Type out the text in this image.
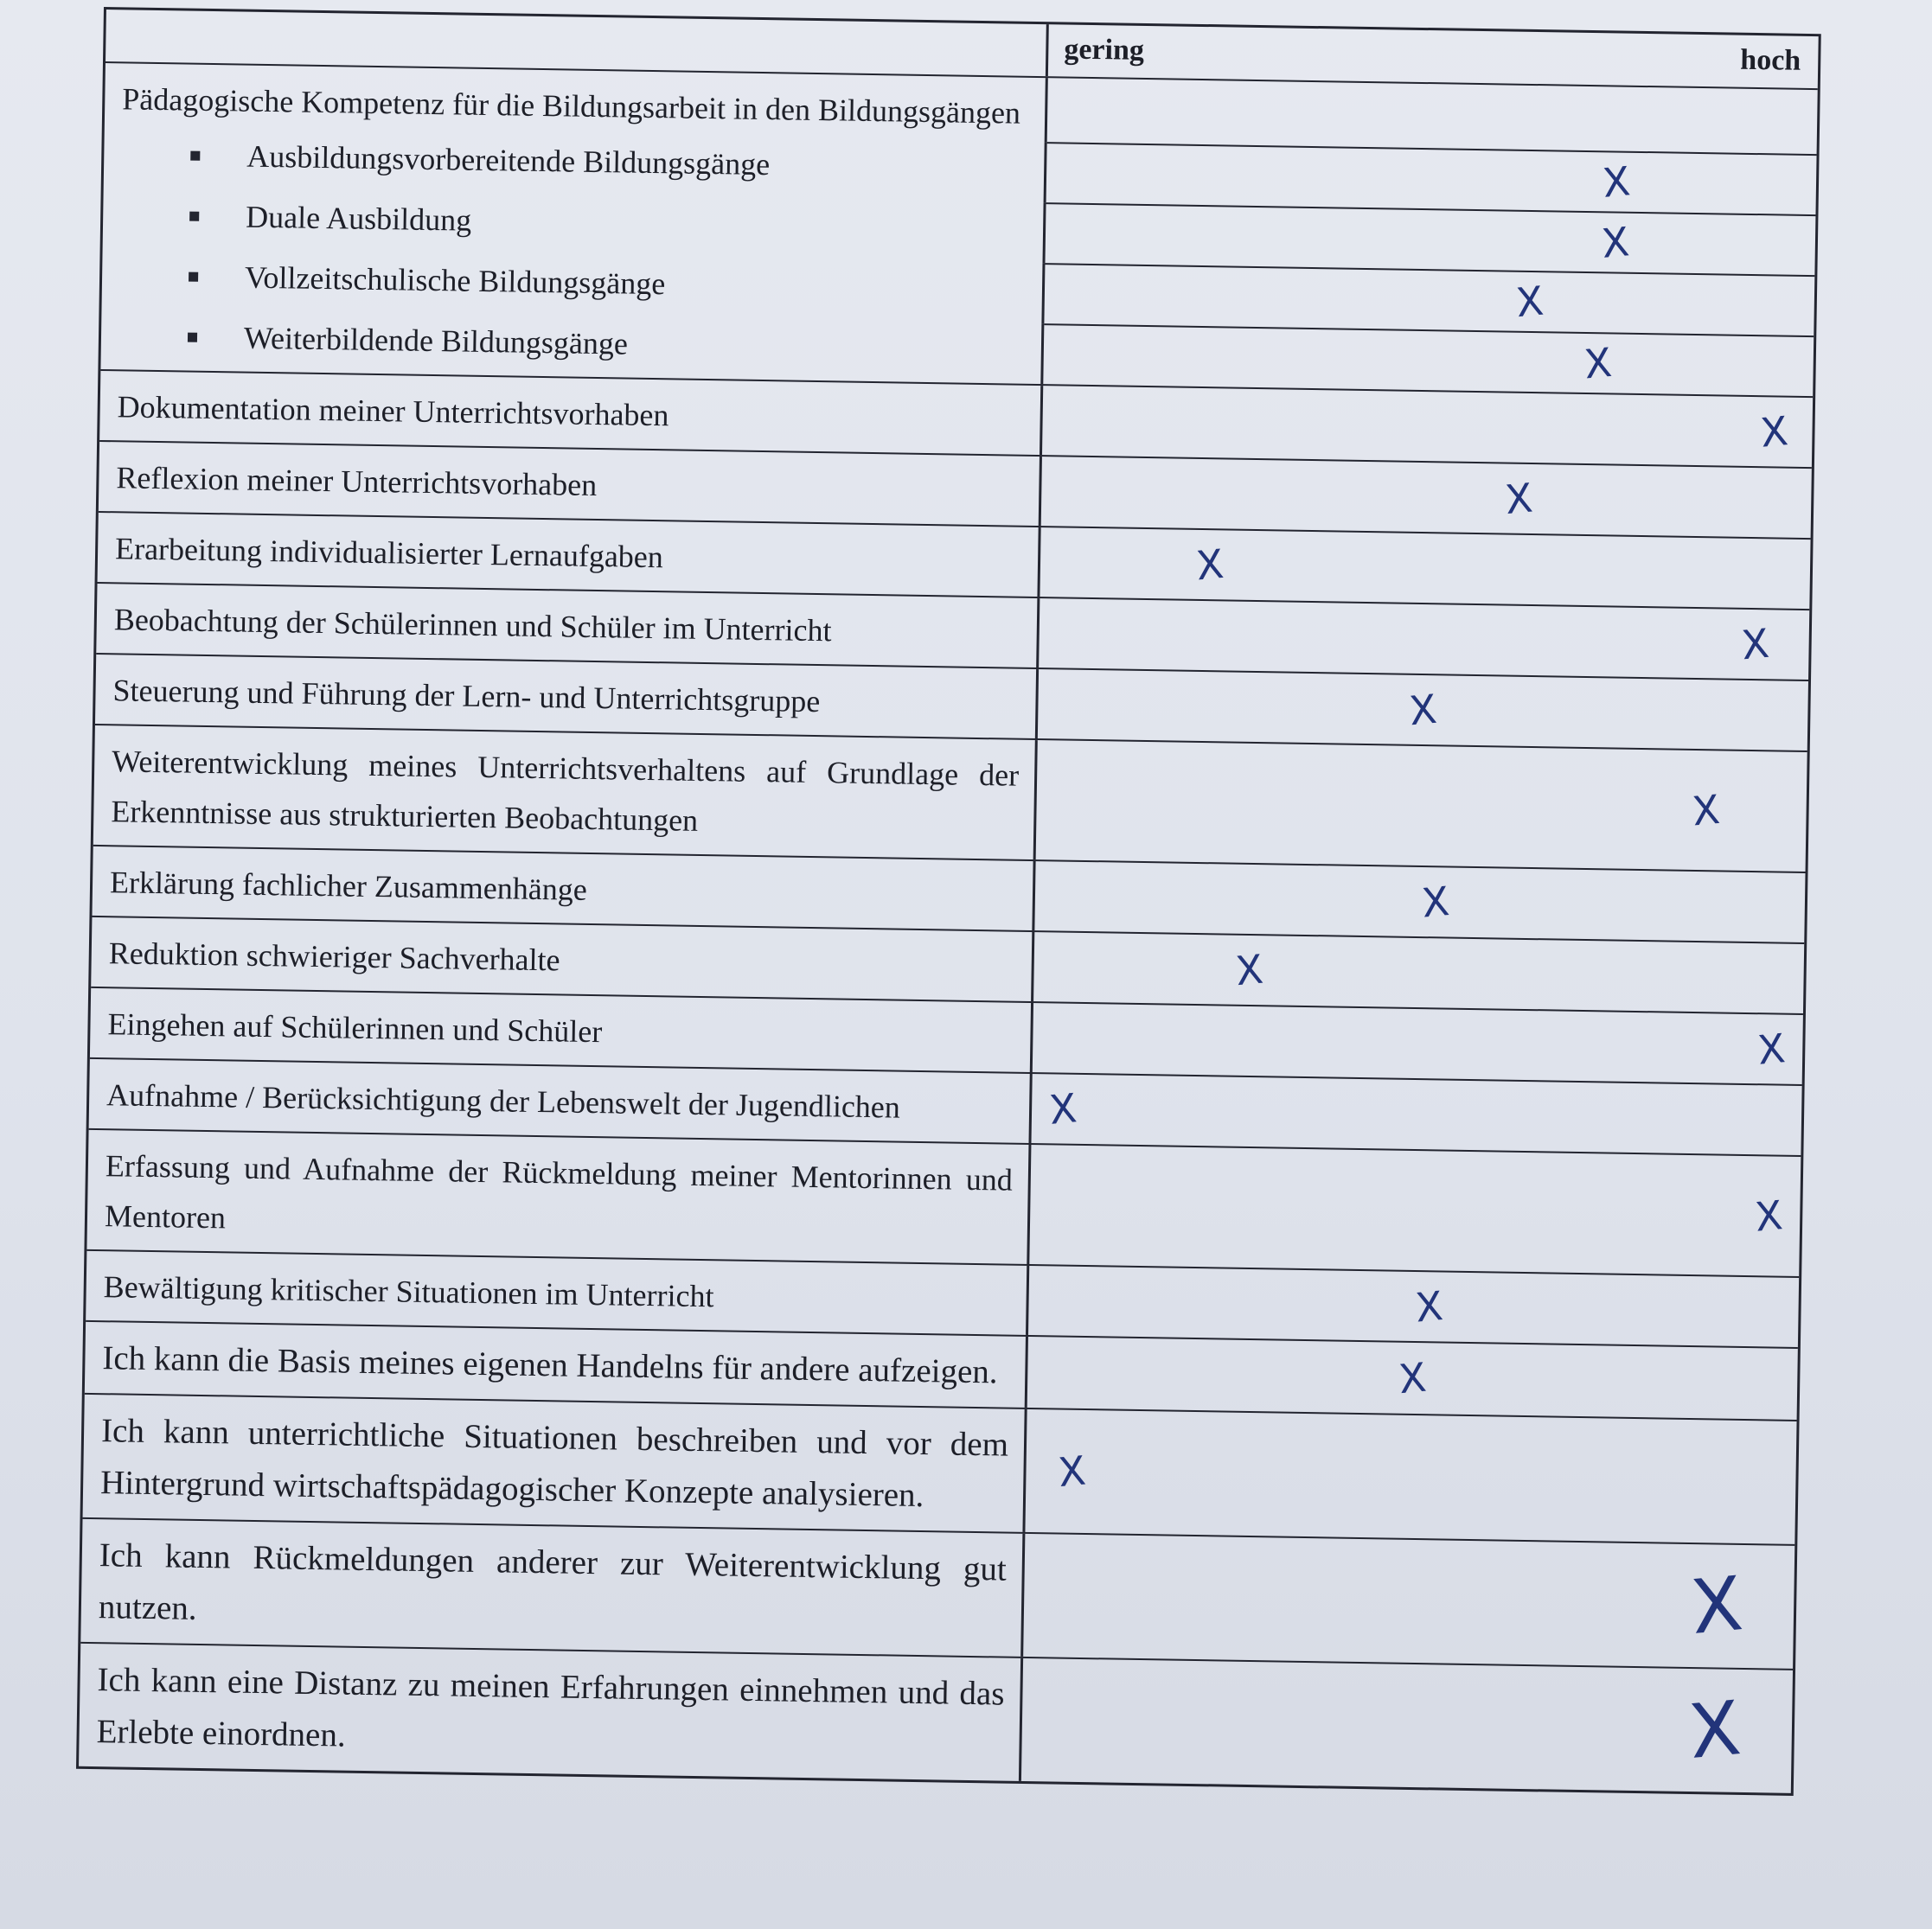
gering	hoch
Pädagogische Kompetenz für die Bildungsarbeit in den Bildungsgängen
Ausbildungsvorbereitende Bildungsgänge	X
Duale Ausbildung	X
Vollzeitschulische Bildungsgänge	X
Weiterbildende Bildungsgänge	X
Dokumentation meiner Unterrichtsvorhaben	X
Reflexion meiner Unterrichtsvorhaben	X
Erarbeitung individualisierter Lernaufgaben	X
Beobachtung der Schülerinnen und Schüler im Unterricht	X
Steuerung und Führung der Lern- und Unterrichtsgruppe	X
Weiterentwicklung meines Unterrichtsverhaltens auf Grundlage der Erkenntnisse aus strukturierten Beobachtungen	X
Erklärung fachlicher Zusammenhänge	X
Reduktion schwieriger Sachverhalte	X
Eingehen auf Schülerinnen und Schüler	X
Aufnahme / Berücksichtigung der Lebenswelt der Jugendlichen	X
Erfassung und Aufnahme der Rückmeldung meiner Mentorinnen und Mentoren	X
Bewältigung kritischer Situationen im Unterricht	X
Ich kann die Basis meines eigenen Handelns für andere aufzeigen.	X
Ich kann unterrichtliche Situationen beschreiben und vor dem Hintergrund wirtschaftspädagogischer Konzepte analysieren.	X
Ich kann Rückmeldungen anderer zur Weiterentwicklung gut nutzen.	X
Ich kann eine Distanz zu meinen Erfahrungen einnehmen und das Erlebte einordnen.	X
